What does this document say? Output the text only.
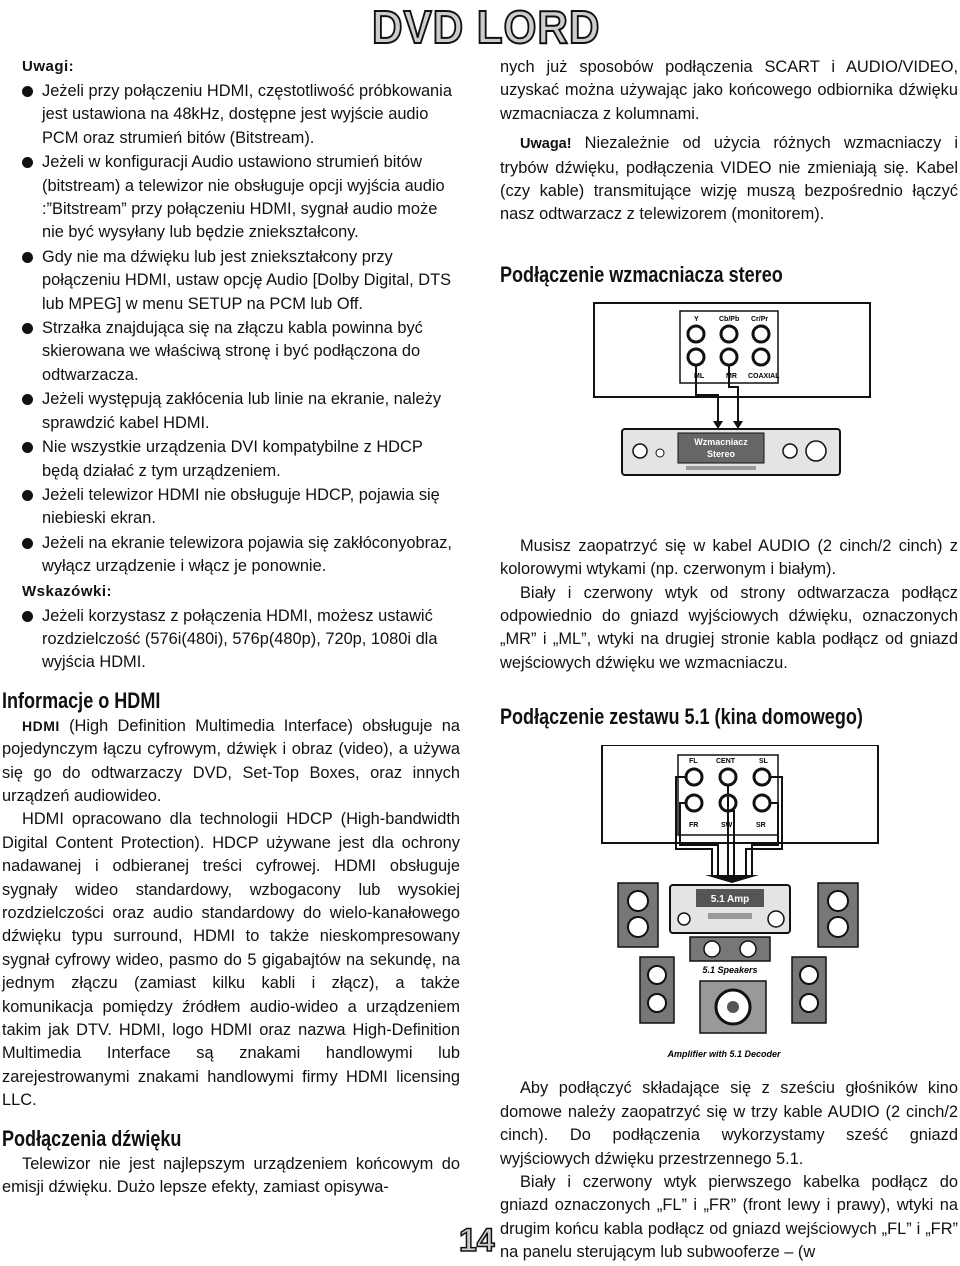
DVD LORD
Uwagi:
Jeżeli przy połączeniu HDMI, częstotliwość próbkowania jest ustawiona na 48kHz, dostępne jest wyjście audio PCM oraz strumień bitów (Bitstream).
Jeżeli w konfiguracji Audio ustawiono strumień bitów (bitstream) a telewizor nie obsługuje opcji wyjścia audio :”Bitstream” przy połączeniu HDMI, sygnał audio może nie być wysyłany lub będzie zniekształcony.
Gdy nie ma dźwięku lub jest zniekształcony przy połączeniu HDMI, ustaw opcję Audio [Dolby Digital, DTS lub MPEG] w menu SETUP na PCM lub Off.
Strzałka znajdująca się na złączu kabla powinna być skierowana we właściwą stronę i być podłączona do odtwarzacza.
Jeżeli występują zakłócenia lub linie na ekranie, należy sprawdzić kabel HDMI.
Nie wszystkie urządzenia DVI kompatybilne z HDCP będą działać z tym urządzeniem.
Jeżeli telewizor HDMI nie obsługuje HDCP, pojawia się niebieski ekran.
Jeżeli na ekranie telewizora pojawia się zakłóconyobraz, wyłącz urządzenie i włącz je ponownie.
Wskazówki:
Jeżeli korzystasz z połączenia HDMI, możesz ustawić rozdzielczość (576i(480i), 576p(480p), 720p, 1080i dla wyjścia HDMI.
Informacje o HDMI

HDMI (High Definition Multimedia Interface) obsługuje na pojedynczym łączu cyfrowym, dźwięk i obraz (video), a używa się go do odtwarzaczy DVD, Set-Top Boxes, oraz innych urządzeń audiowideo.

HDMI opracowano dla technologii HDCP (High-bandwidth Digital Content Protection). HDCP używane jest dla ochrony nadawanej i odbieranej treści cyfrowej. HDMI obsługuje sygnały wideo standardowy, wzbogacony lub wysokiej rozdzielczości oraz audio standardowy do wielo-kanałowego dźwięku typu surround, HDMI to także nieskompresowany sygnał cyfrowy wideo, pasmo do 5 gigabajtów na sekundę, na jednym złączu (zamiast kilku kabli i złącz), a także komunikacja pomiędzy źródłem audio-wideo a urządzeniem takim jak DTV. HDMI, logo HDMI oraz nazwa High-Definition Multimedia Interface są znakami handlowymi lub zarejestrowanymi znakami handlowymi firmy HDMI licensing LLC.

Podłączenia dźwięku

Telewizor nie jest najlepszym urządzeniem końcowym do emisji dźwięku. Dużo lepsze efekty, zamiast opisywa-

nych już sposobów podłączenia SCART i AUDIO/VIDEO, uzyskać można używając jako końcowego odbiornika dźwięku wzmacniacza z kolumnami.

Uwaga! Niezależnie od użycia różnych wzmacniaczy i trybów dźwięku, podłączenia VIDEO nie zmieniają się. Kabel (czy kable) transmitujące wizję muszą bezpośrednio łączyć nasz odtwarzacz z telewizorem (monitorem).

Podłączenie wzmacniacza stereo
Y	Cb/Pb Cr/Pr
ML	MR COAXIAL
Wzmacniacz
Stereo

Musisz zaopatrzyć się w kabel AUDIO (2 cinch/2 cinch) z kolorowymi wtykami (np. czerwonym i białym).

Biały i czerwony wtyk od strony odtwarzacza podłącz odpowiednio do gniazd wyjściowych dźwięku, oznaczonych „MR” i „ML”, wtyki na drugiej stronie kabla podłącz od gniazd wejściowych dźwięku we wzmacniaczu.

Podłączenie zestawu 5.1 (kina domowego)
FL	CENT	SL
FR	SW	SR
5.1 Amp
5.1 Speakers
Amplifier with 5.1 Decoder

Aby podłączyć składające się z sześciu głośników kino domowe należy zaopatrzyć się w trzy kable AUDIO (2 cinch/2 cinch). Do podłączenia wykorzystamy sześć gniazd wyjściowych dźwięku przestrzennego 5.1.

Biały i czerwony wtyk pierwszego kabelka podłącz do gniazd oznaczonych „FL” i „FR” (front lewy i prawy), wtyki na drugim końcu kabla podłącz od gniazd wejściowych „FL” i „FR” na panelu sterującym lub subwooferze – (w

14
